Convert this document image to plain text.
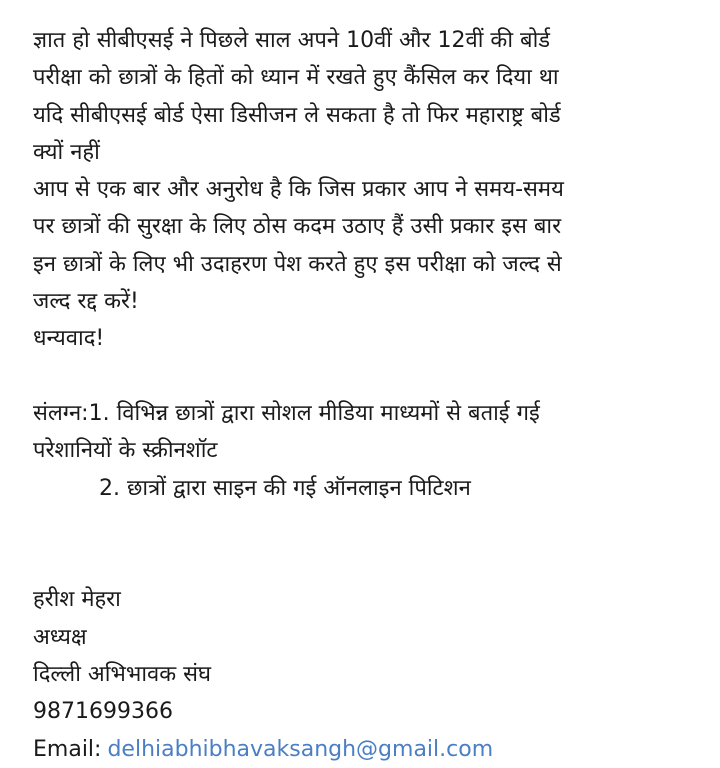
ज्ञात हो सीबीएसई ने पिछले साल अपने 10वीं और 12वीं की बोर्ड
परीक्षा को छात्रों के हितों को ध्यान में रखते हुए कैंसिल कर दिया था
यदि सीबीएसई बोर्ड ऐसा डिसीजन ले सकता है तो फिर महाराष्ट्र बोर्ड
क्यों नहीं
आप से एक बार और अनुरोध है कि जिस प्रकार आप ने समय-समय
पर छात्रों की सुरक्षा के लिए ठोस कदम उठाए हैं उसी प्रकार इस बार
इन छात्रों के लिए भी उदाहरण पेश करते हुए इस परीक्षा को जल्द से
जल्द रद्द करें!
धन्यवाद!
संलग्न:1. विभिन्न छात्रों द्वारा सोशल मीडिया माध्यमों से बताई गई
परेशानियों के स्क्रीनशॉट
2. छात्रों द्वारा साइन की गई ऑनलाइन पिटिशन
हरीश मेहरा
अध्यक्ष
दिल्ली अभिभावक संघ
9871699366
Email: delhiabhibhavaksangh@gmail.com
